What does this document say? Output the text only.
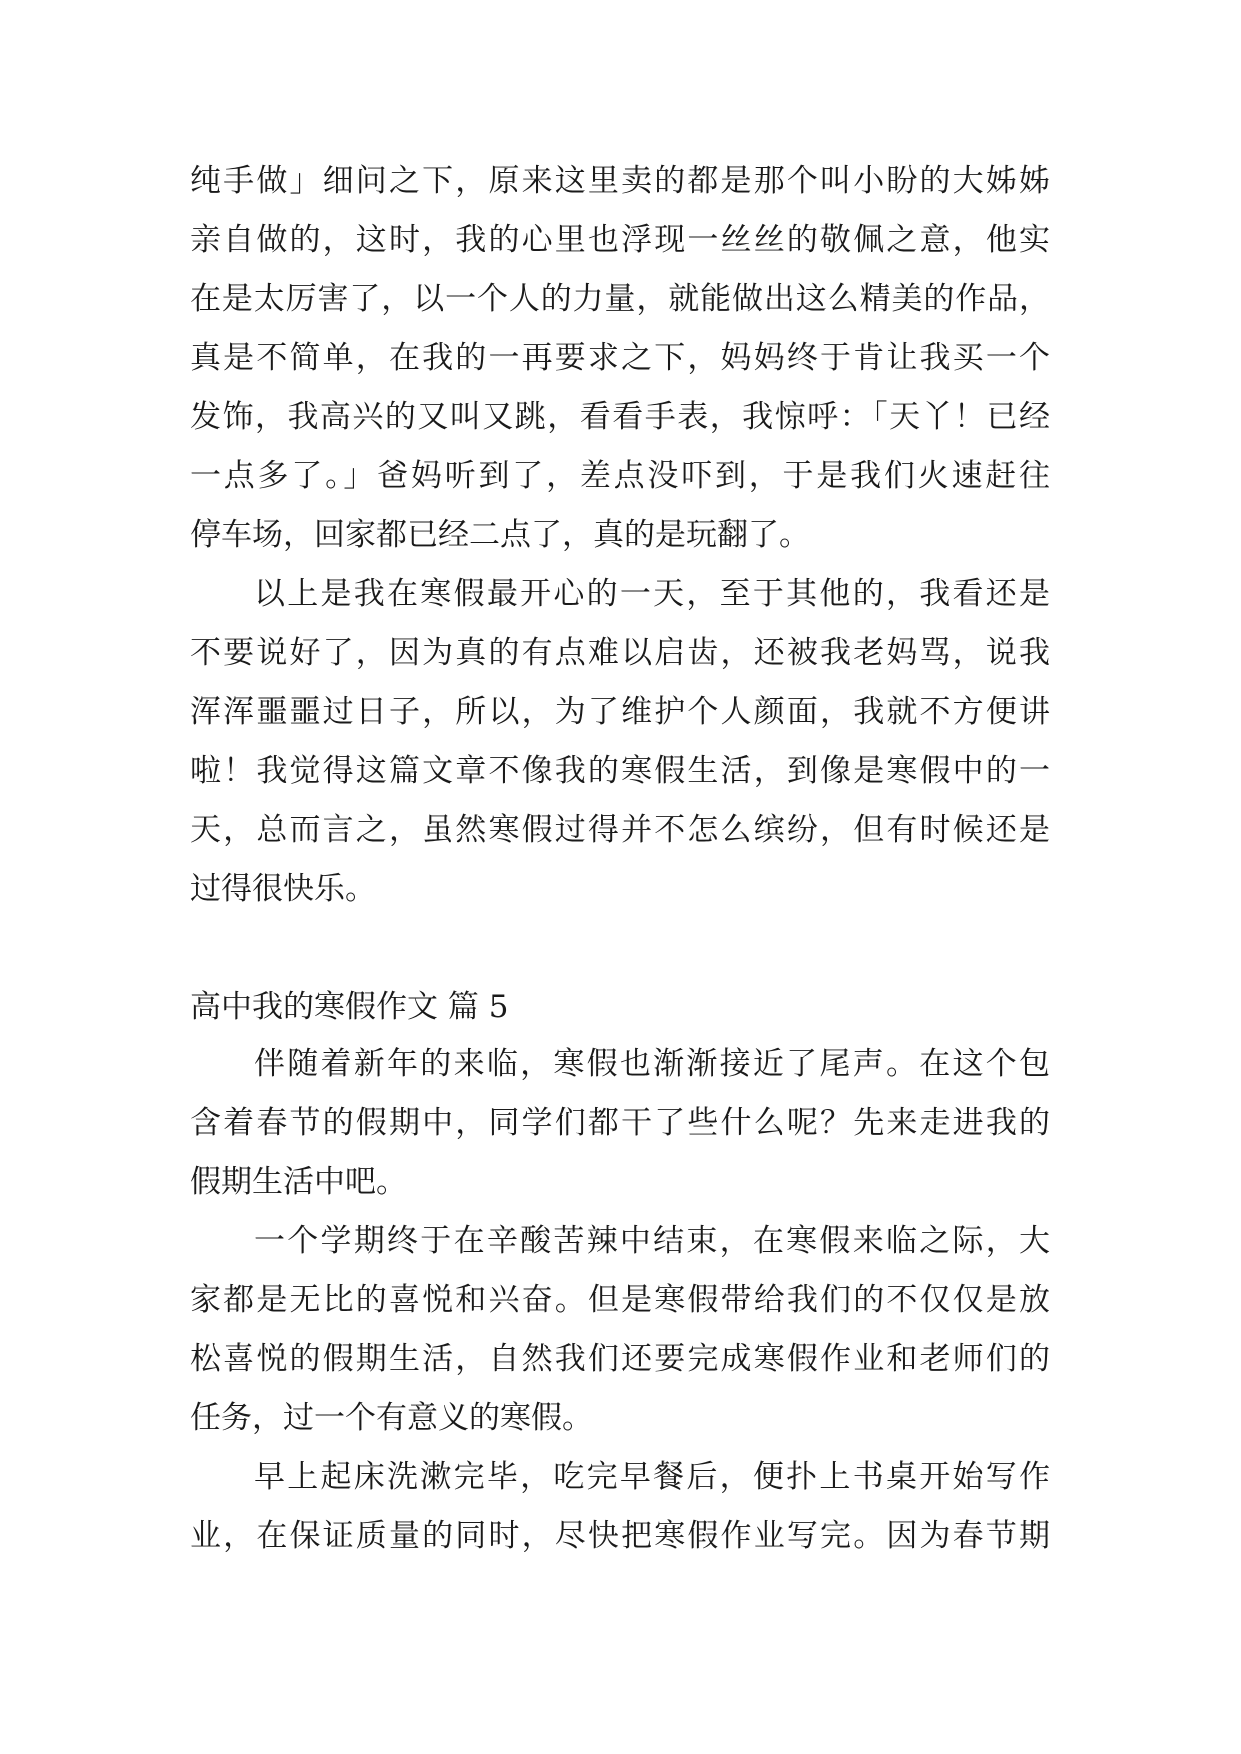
纯手做」细问之下，原来这里卖的都是那个叫小盼的大姊姊
亲自做的，这时，我的心里也浮现一丝丝的敬佩之意，他实
在是太厉害了，以一个人的力量，就能做出这么精美的作品，
真是不简单，在我的一再要求之下，妈妈终于肯让我买一个
发饰，我高兴的又叫又跳，看看手表，我惊呼：「天丫！已经
一点多了。」爸妈听到了，差点没吓到，于是我们火速赶往
停车场，回家都已经二点了，真的是玩翻了。
以上是我在寒假最开心的一天，至于其他的，我看还是
不要说好了，因为真的有点难以启齿，还被我老妈骂，说我
浑浑噩噩过日子，所以，为了维护个人颜面，我就不方便讲
啦！我觉得这篇文章不像我的寒假生活，到像是寒假中的一
天，总而言之，虽然寒假过得并不怎么缤纷，但有时候还是
过得很快乐。
高中我的寒假作文 篇 5
伴随着新年的来临，寒假也渐渐接近了尾声。在这个包
含着春节的假期中，同学们都干了些什么呢？先来走进我的
假期生活中吧。
一个学期终于在辛酸苦辣中结束，在寒假来临之际，大
家都是无比的喜悦和兴奋。但是寒假带给我们的不仅仅是放
松喜悦的假期生活，自然我们还要完成寒假作业和老师们的
任务，过一个有意义的寒假。
早上起床洗漱完毕，吃完早餐后，便扑上书桌开始写作
业，在保证质量的同时，尽快把寒假作业写完。因为春节期
